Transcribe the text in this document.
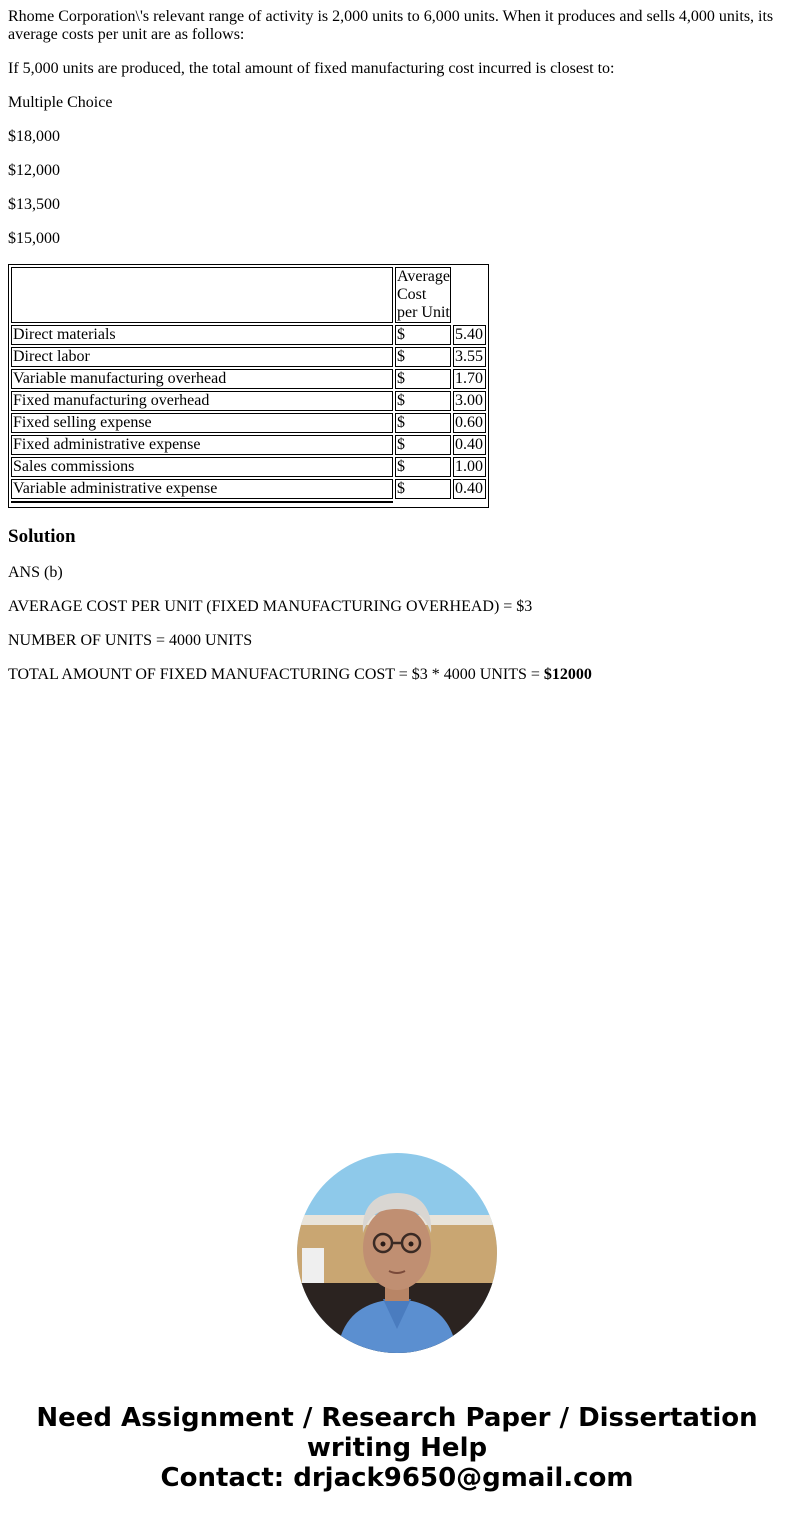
Rhome Corporation\'s relevant range of activity is 2,000 units to 6,000 units. When it produces and sells 4,000 units, its average costs per unit are as follows:

If 5,000 units are produced, the total amount of fixed manufacturing cost incurred is closest to:

Multiple Choice

$18,000

$12,000

$13,500

$15,000

	Average
Cost
per Unit	

Direct materials	$	5.40
Direct labor	$	3.55
Variable manufacturing overhead	$	1.70
Fixed manufacturing overhead	$	3.00
Fixed selling expense	$	0.60
Fixed administrative expense	$	0.40
Sales commissions	$	1.00
Variable administrative expense	$	0.40

Solution

ANS (b)

AVERAGE COST PER UNIT (FIXED MANUFACTURING OVERHEAD) = $3

NUMBER OF UNITS = 4000 UNITS

TOTAL AMOUNT OF FIXED MANUFACTURING COST = $3 * 4000 UNITS = $12000

Need Assignment / Research Paper / Dissertation
writing Help
Contact: drjack9650@gmail.com
